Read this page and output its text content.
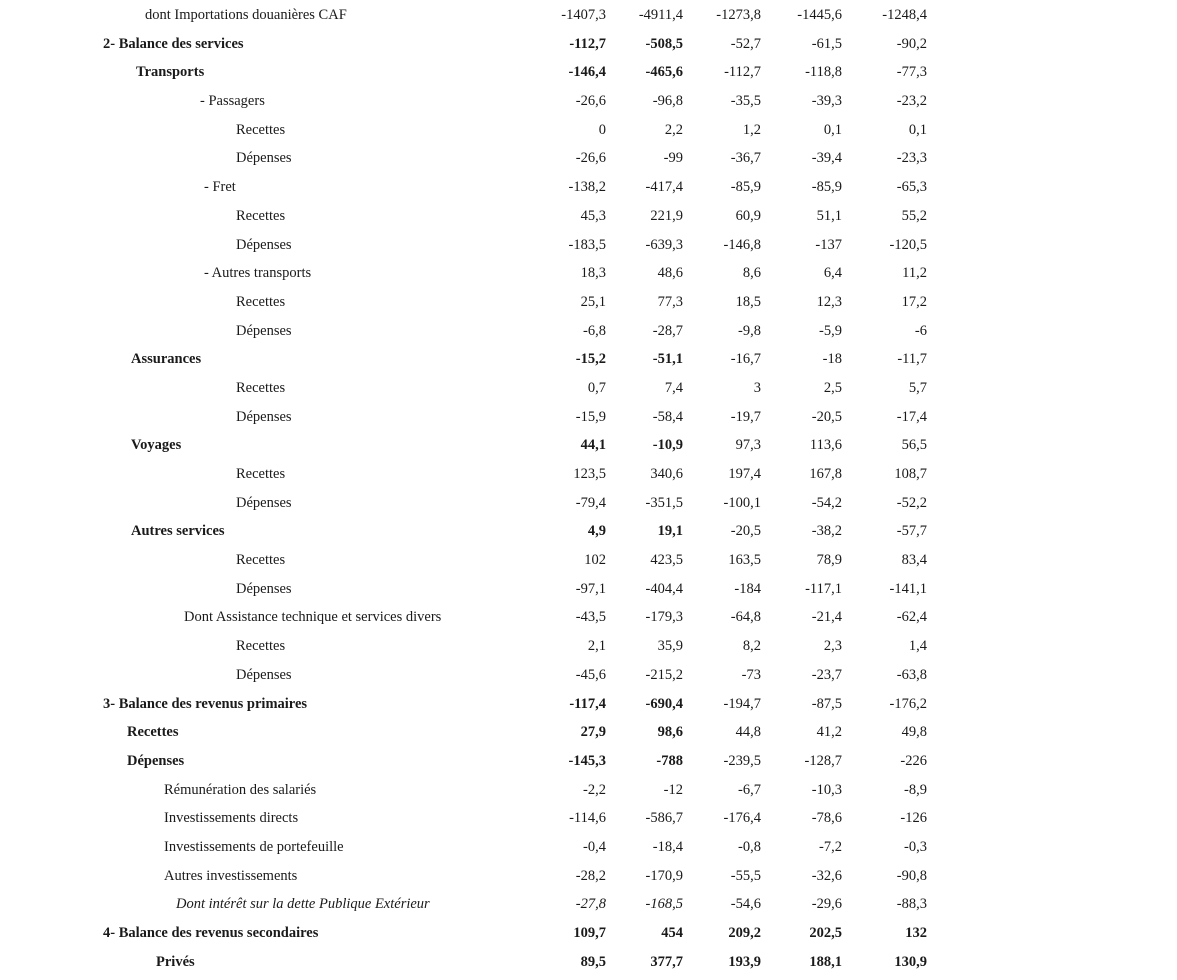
dont Importations douanières CAF	-1407,3	-4911,4	-1273,8	-1445,6	-1248,4
2- Balance des services	-112,7	-508,5	-52,7	-61,5	-90,2
Transports	-146,4	-465,6	-112,7	-118,8	-77,3
- Passagers	-26,6	-96,8	-35,5	-39,3	-23,2
Recettes	0	2,2	1,2	0,1	0,1
Dépenses	-26,6	-99	-36,7	-39,4	-23,3
- Fret	-138,2	-417,4	-85,9	-85,9	-65,3
Recettes	45,3	221,9	60,9	51,1	55,2
Dépenses	-183,5	-639,3	-146,8	-137	-120,5
- Autres transports	18,3	48,6	8,6	6,4	11,2
Recettes	25,1	77,3	18,5	12,3	17,2
Dépenses	-6,8	-28,7	-9,8	-5,9	-6
Assurances	-15,2	-51,1	-16,7	-18	-11,7
Recettes	0,7	7,4	3	2,5	5,7
Dépenses	-15,9	-58,4	-19,7	-20,5	-17,4
Voyages	44,1	-10,9	97,3	113,6	56,5
Recettes	123,5	340,6	197,4	167,8	108,7
Dépenses	-79,4	-351,5	-100,1	-54,2	-52,2
Autres services	4,9	19,1	-20,5	-38,2	-57,7
Recettes	102	423,5	163,5	78,9	83,4
Dépenses	-97,1	-404,4	-184	-117,1	-141,1
Dont Assistance technique et services divers	-43,5	-179,3	-64,8	-21,4	-62,4
Recettes	2,1	35,9	8,2	2,3	1,4
Dépenses	-45,6	-215,2	-73	-23,7	-63,8
3- Balance des revenus primaires	-117,4	-690,4	-194,7	-87,5	-176,2
Recettes	27,9	98,6	44,8	41,2	49,8
Dépenses	-145,3	-788	-239,5	-128,7	-226
Rémunération des salariés	-2,2	-12	-6,7	-10,3	-8,9
Investissements directs	-114,6	-586,7	-176,4	-78,6	-126
Investissements de portefeuille	-0,4	-18,4	-0,8	-7,2	-0,3
Autres investissements	-28,2	-170,9	-55,5	-32,6	-90,8
Dont intérêt sur la dette Publique Extérieur	-27,8	-168,5	-54,6	-29,6	-88,3
4- Balance des revenus secondaires	109,7	454	209,2	202,5	132
Privés	89,5	377,7	193,9	188,1	130,9
